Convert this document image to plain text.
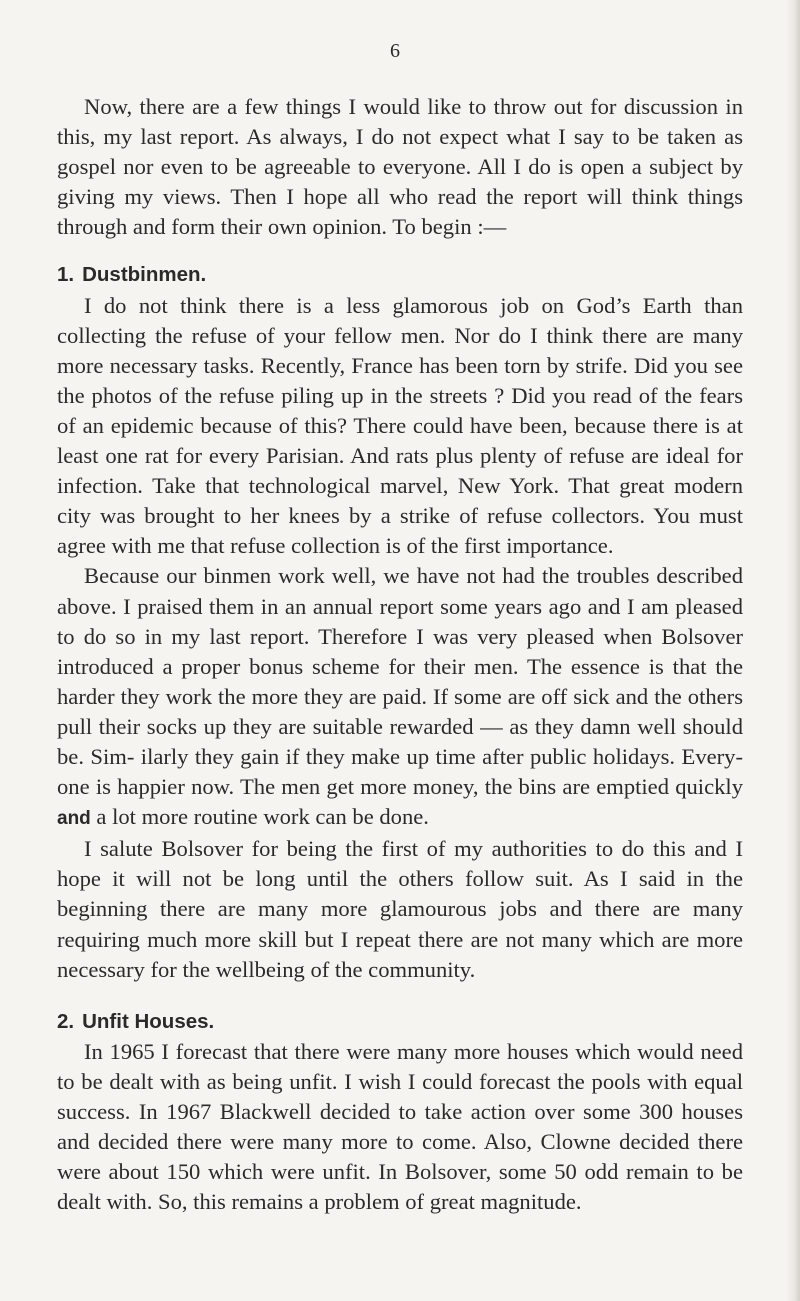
6

Now, there are a few things I would like to throw out for discussion in this, my last report. As always, I do not expect what I say to be taken as gospel nor even to be agreeable to everyone. All I do is open a subject by giving my views. Then I hope all who read the report will think things through and form their own opinion. To begin :—

1. Dustbinmen.

I do not think there is a less glamorous job on God’s Earth than collecting the refuse of your fellow men. Nor do I think there are many more necessary tasks. Recently, France has been torn by strife. Did you see the photos of the refuse piling up in the streets ? Did you read of the fears of an epidemic because of this? There could have been, because there is at least one rat for every Parisian. And rats plus plenty of refuse are ideal for infection. Take that technological marvel, New York. That great modern city was brought to her knees by a strike of refuse collectors. You must agree with me that refuse collection is of the first importance.

Because our binmen work well, we have not had the troubles described above. I praised them in an annual report some years ago and I am pleased to do so in my last report. Therefore I was very pleased when Bolsover introduced a proper bonus scheme for their men. The essence is that the harder they work the more they are paid. If some are off sick and the others pull their socks up they are suitable rewarded — as they damn well should be. Sim- ilarly they gain if they make up time after public holidays. Every- one is happier now. The men get more money, the bins are emptied quickly and a lot more routine work can be done.

I salute Bolsover for being the first of my authorities to do this and I hope it will not be long until the others follow suit. As I said in the beginning there are many more glamourous jobs and there are many requiring much more skill but I repeat there are not many which are more necessary for the wellbeing of the community.

2. Unfit Houses.

In 1965 I forecast that there were many more houses which would need to be dealt with as being unfit. I wish I could forecast the pools with equal success. In 1967 Blackwell decided to take action over some 300 houses and decided there were many more to come. Also, Clowne decided there were about 150 which were unfit. In Bolsover, some 50 odd remain to be dealt with. So, this remains a problem of great magnitude.
